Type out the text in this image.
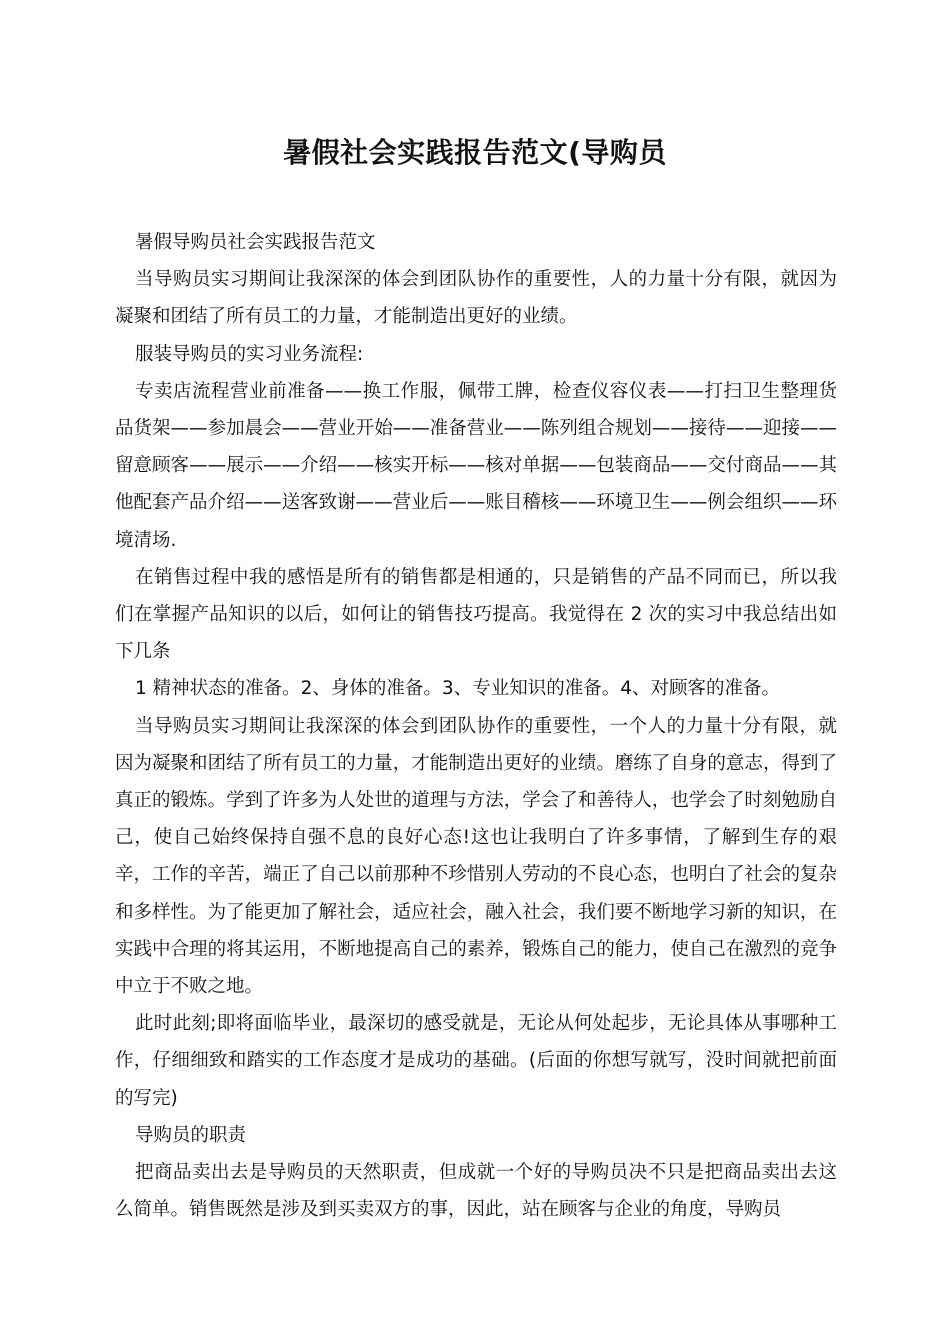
暑假社会实践报告范文(导购员

暑假导购员社会实践报告范文

当导购员实习期间让我深深的体会到团队协作的重要性，人的力量十分有限，就因为凝聚和团结了所有员工的力量，才能制造出更好的业绩。

服装导购员的实习业务流程:

专卖店流程营业前准备——换工作服，佩带工牌，检查仪容仪表——打扫卫生整理货品货架——参加晨会——营业开始——准备营业——陈列组合规划——接待——迎接——留意顾客——展示——介绍——核实开标——核对单据——包装商品——交付商品——其他配套产品介绍——送客致谢——营业后——账目稽核——环境卫生——例会组织——环境清场.

在销售过程中我的感悟是所有的销售都是相通的，只是销售的产品不同而已，所以我们在掌握产品知识的以后，如何让的销售技巧提高。我觉得在 2 次的实习中我总结出如下几条

1 精神状态的准备。2、身体的准备。3、专业知识的准备。4、对顾客的准备。

当导购员实习期间让我深深的体会到团队协作的重要性，一个人的力量十分有限，就因为凝聚和团结了所有员工的力量，才能制造出更好的业绩。磨练了自身的意志，得到了真正的锻炼。学到了许多为人处世的道理与方法，学会了和善待人，也学会了时刻勉励自己，使自己始终保持自强不息的良好心态!这也让我明白了许多事情，了解到生存的艰辛，工作的辛苦，端正了自己以前那种不珍惜别人劳动的不良心态，也明白了社会的复杂和多样性。为了能更加了解社会，适应社会，融入社会，我们要不断地学习新的知识，在实践中合理的将其运用，不断地提高自己的素养，锻炼自己的能力，使自己在激烈的竞争中立于不败之地。

此时此刻;即将面临毕业，最深切的感受就是，无论从何处起步，无论具体从事哪种工作，仔细细致和踏实的工作态度才是成功的基础。(后面的你想写就写，没时间就把前面的写完)

导购员的职责

把商品卖出去是导购员的天然职责，但成就一个好的导购员决不只是把商品卖出去这么简单。销售既然是涉及到买卖双方的事，因此，站在顾客与企业的角度，导购员
